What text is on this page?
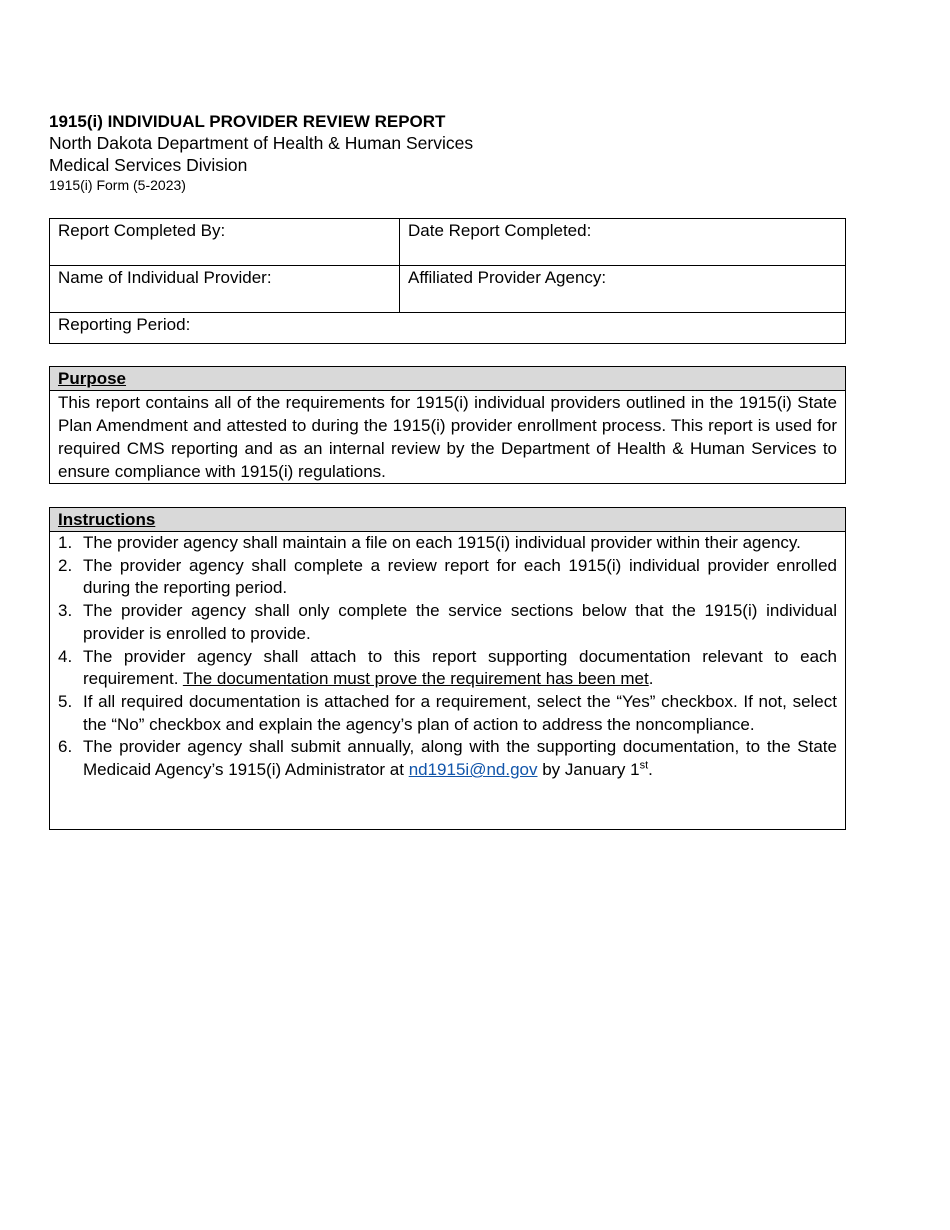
1915(i) INDIVIDUAL PROVIDER REVIEW REPORT
North Dakota Department of Health & Human Services
Medical Services Division
1915(i) Form (5-2023)
Report Completed By:	Date Report Completed:
Name of Individual Provider:	Affiliated Provider Agency:
Reporting Period:	
Purpose
This report contains all of the requirements for 1915(i) individual providers outlined in the 1915(i) State Plan Amendment and attested to during the 1915(i) provider enrollment process. This report is used for required CMS reporting and as an internal review by the Department of Health & Human Services to ensure compliance with 1915(i) regulations.
Instructions
1. The provider agency shall maintain a file on each 1915(i) individual provider within their agency.
2. The provider agency shall complete a review report for each 1915(i) individual provider enrolled during the reporting period.
3. The provider agency shall only complete the service sections below that the 1915(i) individual provider is enrolled to provide.
4. The provider agency shall attach to this report supporting documentation relevant to each requirement. The documentation must prove the requirement has been met.
5. If all required documentation is attached for a requirement, select the “Yes” checkbox. If not, select the “No” checkbox and explain the agency’s plan of action to address the noncompliance.
6. The provider agency shall submit annually, along with the supporting documentation, to the State Medicaid Agency’s 1915(i) Administrator at nd1915i@nd.gov by January 1st.
